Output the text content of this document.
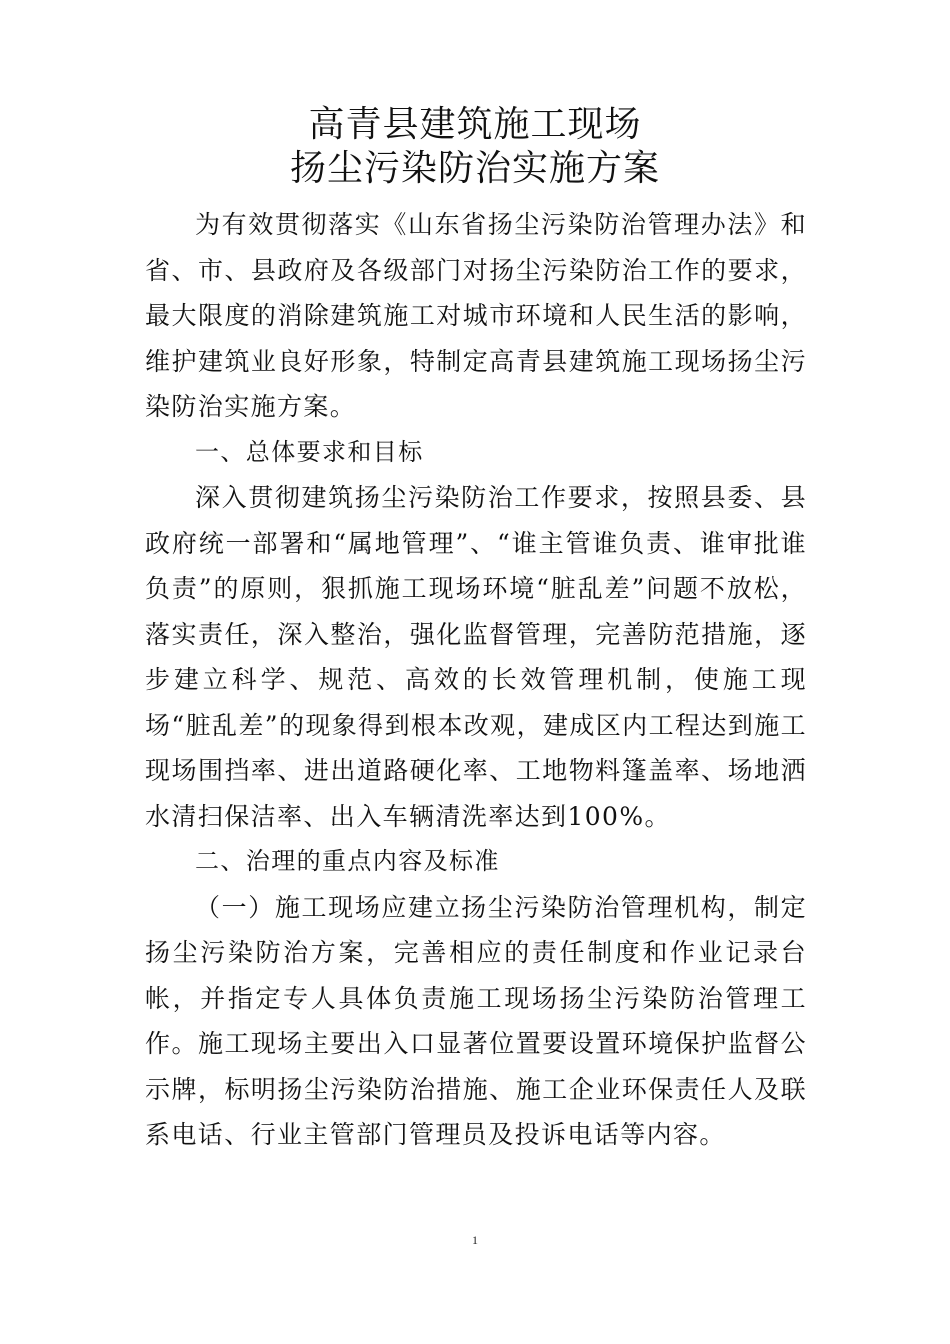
高青县建筑施工现场
扬尘污染防治实施方案

为有效贯彻落实《山东省扬尘污染防治管理办法》和省、市、县政府及各级部门对扬尘污染防治工作的要求，最大限度的消除建筑施工对城市环境和人民生活的影响，维护建筑业良好形象，特制定高青县建筑施工现场扬尘污染防治实施方案。

一、总体要求和目标

深入贯彻建筑扬尘污染防治工作要求，按照县委、县政府统一部署和“属地管理”、“谁主管谁负责、谁审批谁负责”的原则，狠抓施工现场环境“脏乱差”问题不放松，落实责任，深入整治，强化监督管理，完善防范措施，逐步建立科学、规范、高效的长效管理机制，使施工现场“脏乱差”的现象得到根本改观，建成区内工程达到施工现场围挡率、进出道路硬化率、工地物料篷盖率、场地洒水清扫保洁率、出入车辆清洗率达到100%。

二、治理的重点内容及标准

（一）施工现场应建立扬尘污染防治管理机构，制定扬尘污染防治方案，完善相应的责任制度和作业记录台帐，并指定专人具体负责施工现场扬尘污染防治管理工作。施工现场主要出入口显著位置要设置环境保护监督公示牌，标明扬尘污染防治措施、施工企业环保责任人及联系电话、行业主管部门管理员及投诉电话等内容。

1
